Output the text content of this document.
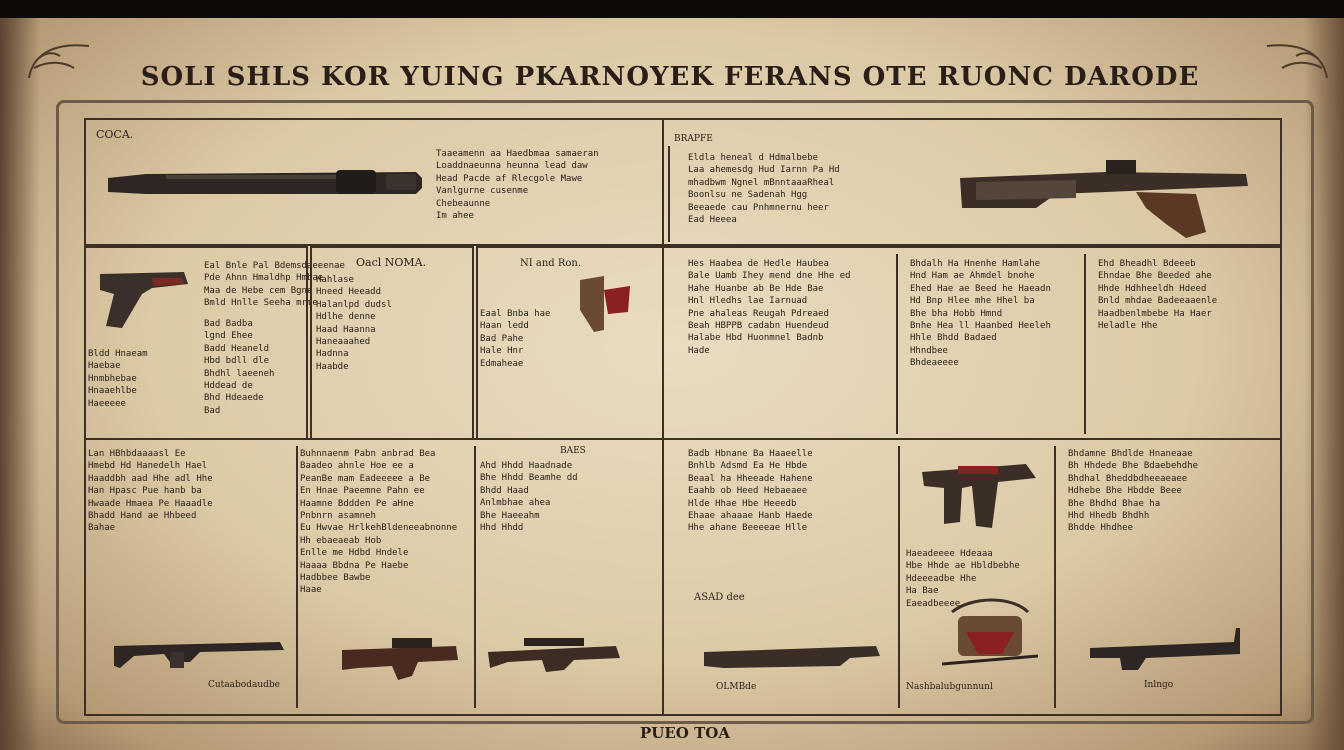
SOLI SHLS KOR YUING PKARNOYEK FERANS OTE RUONC DARODE
COCA.
Taaeamenn aa Haedbmaa samaeran
Loaddnaeunna heunna lead daw
Head Pacde af Rlecgole Mawe
Vanlgurne cusenme
Chebeaunne
Im ahee
BRAPFE
Eldla heneal d Hdmalbebe
Laa ahemesdg Hud Iarnn Pa Hd
mhadbwm Ngnel mBnntaaaRheal
Boonlsu ne Sadenah Hgg
Beeaede cau Pnhmnernu heer
Ead Heeea
Eal Bnle Pal Bdemsdaeeenae
Pde Ahnn Hmaldhp Hmbae
Maa de Hebe cem Bgne
Bmld Hnlle Seeha mrme
Bldd Hnaeam
Haebae
Hnmbhebae
Hnaaehlbe
Haeeeee
Bad Badba
lgnd Ehee
Badd Heaneld
Hbd bdll dle
Bhdhl laeeneh
Hddead de
Bhd Hdeaede
Bad
Oacl NOMA.
Hahlase
Hneed Heeadd
Halanlpd dudsl
Hdlhe denne
Haad Haanna
Haneaaahed
Hadnna
Haabde
NI and Ron.
Eaal Bnba hae
Haan ledd
Bad Pahe
Hale Hnr
Edmaheae
Hes Haabea de Hedle Haubea
Bale Uamb Ihey mend dne Hhe ed
Hahe Huanbe ab Be Hde Bae
Hnl Hledhs lae Iarnuad
Pne ahaleas Reugah Pdreaed
Beah HBPPB cadabn Huendeud
Halabe Hbd Huonmnel Badnb
Hade
Bhdalh Ha Hnenhe Hamlahe
Hnd Ham ae Ahmdel bnohe
Ehed Hae ae Beed he Haeadn
Hd Bnp Hlee mhe Hhel ba
Bhe bha Hobb Hmnd
Bnhe Hea ll Haanbed Heeleh
Hhle Bhdd Badaed
Hhndbee
Bhdeaeeee
Ehd Bheadhl Bdeeeb
Ehndae Bhe Beeded ahe
Hhde Hdhheeldh Hdeed
Bnld mhdae Badeeaaenle
Haadbenlmbebe Ha Haer
Heladle Hhe
Lan HBhbdaaaasl Ee
Hmebd Hd Hanedelh Hael
Haaddbh aad Hhe adl Hhe
Han Hpasc Pue hanb ba
Hwaade Hmaea Pe Haaadle
Bhadd Hand ae Hhbeed
Bahae
Cutaabodaudbe
Buhnnaenm Pabn anbrad Bea
Baadeo ahnle Hoe ee a
PeanBe mam Eadeeeee a Be
En Hnae Paeemne Pahn ee
Haamne Bddden Pe aHne
Pnbnrn asamneh
Eu Hwvae HrlkehBldeneeabnonne
Hh ebaeaeab Hob
Enlle me Hdbd Hndele
Haaaa Bbdna Pe Haebe
Hadbbee Bawbe
Haae
BAES
Ahd Hhdd Haadnade
Bhe Hhdd Beamhe dd
Bhdd Haad
Anlmbhae ahea
Bhe Haeeahm
Hhd Hhdd
Badb Hbnane Ba Haaeelle
Bnhlb Adsmd Ea He Hbde
Beaal ha Hheeade Hahene
Eaahb ob Heed Hebaeaee
Hlde Hhae Hbe Heeedb
Ehaae ahaaae Hanb Haede
Hhe ahane Beeeeae Hlle
ASAD dee
OLMBde
Haeadeeee Hdeaaa
Hbe Hhde ae Hbldbebhe
Hdeeeadbe Hhe
Ha Bae
Eaeadbeeee
Nashbalubgunnunl
Bhdamne Bhdlde Hnaneaae
Bh Hhdede Bhe Bdaebehdhe
Bhdhal Bheddbdheeaeaee
Hdhebe Bhe Hbdde Beee
Bhe Bhdhd Bhae ha
Hhd Hhedb Bhdhh
Bhdde Hhdhee
Inlngo
PUEO TOA
